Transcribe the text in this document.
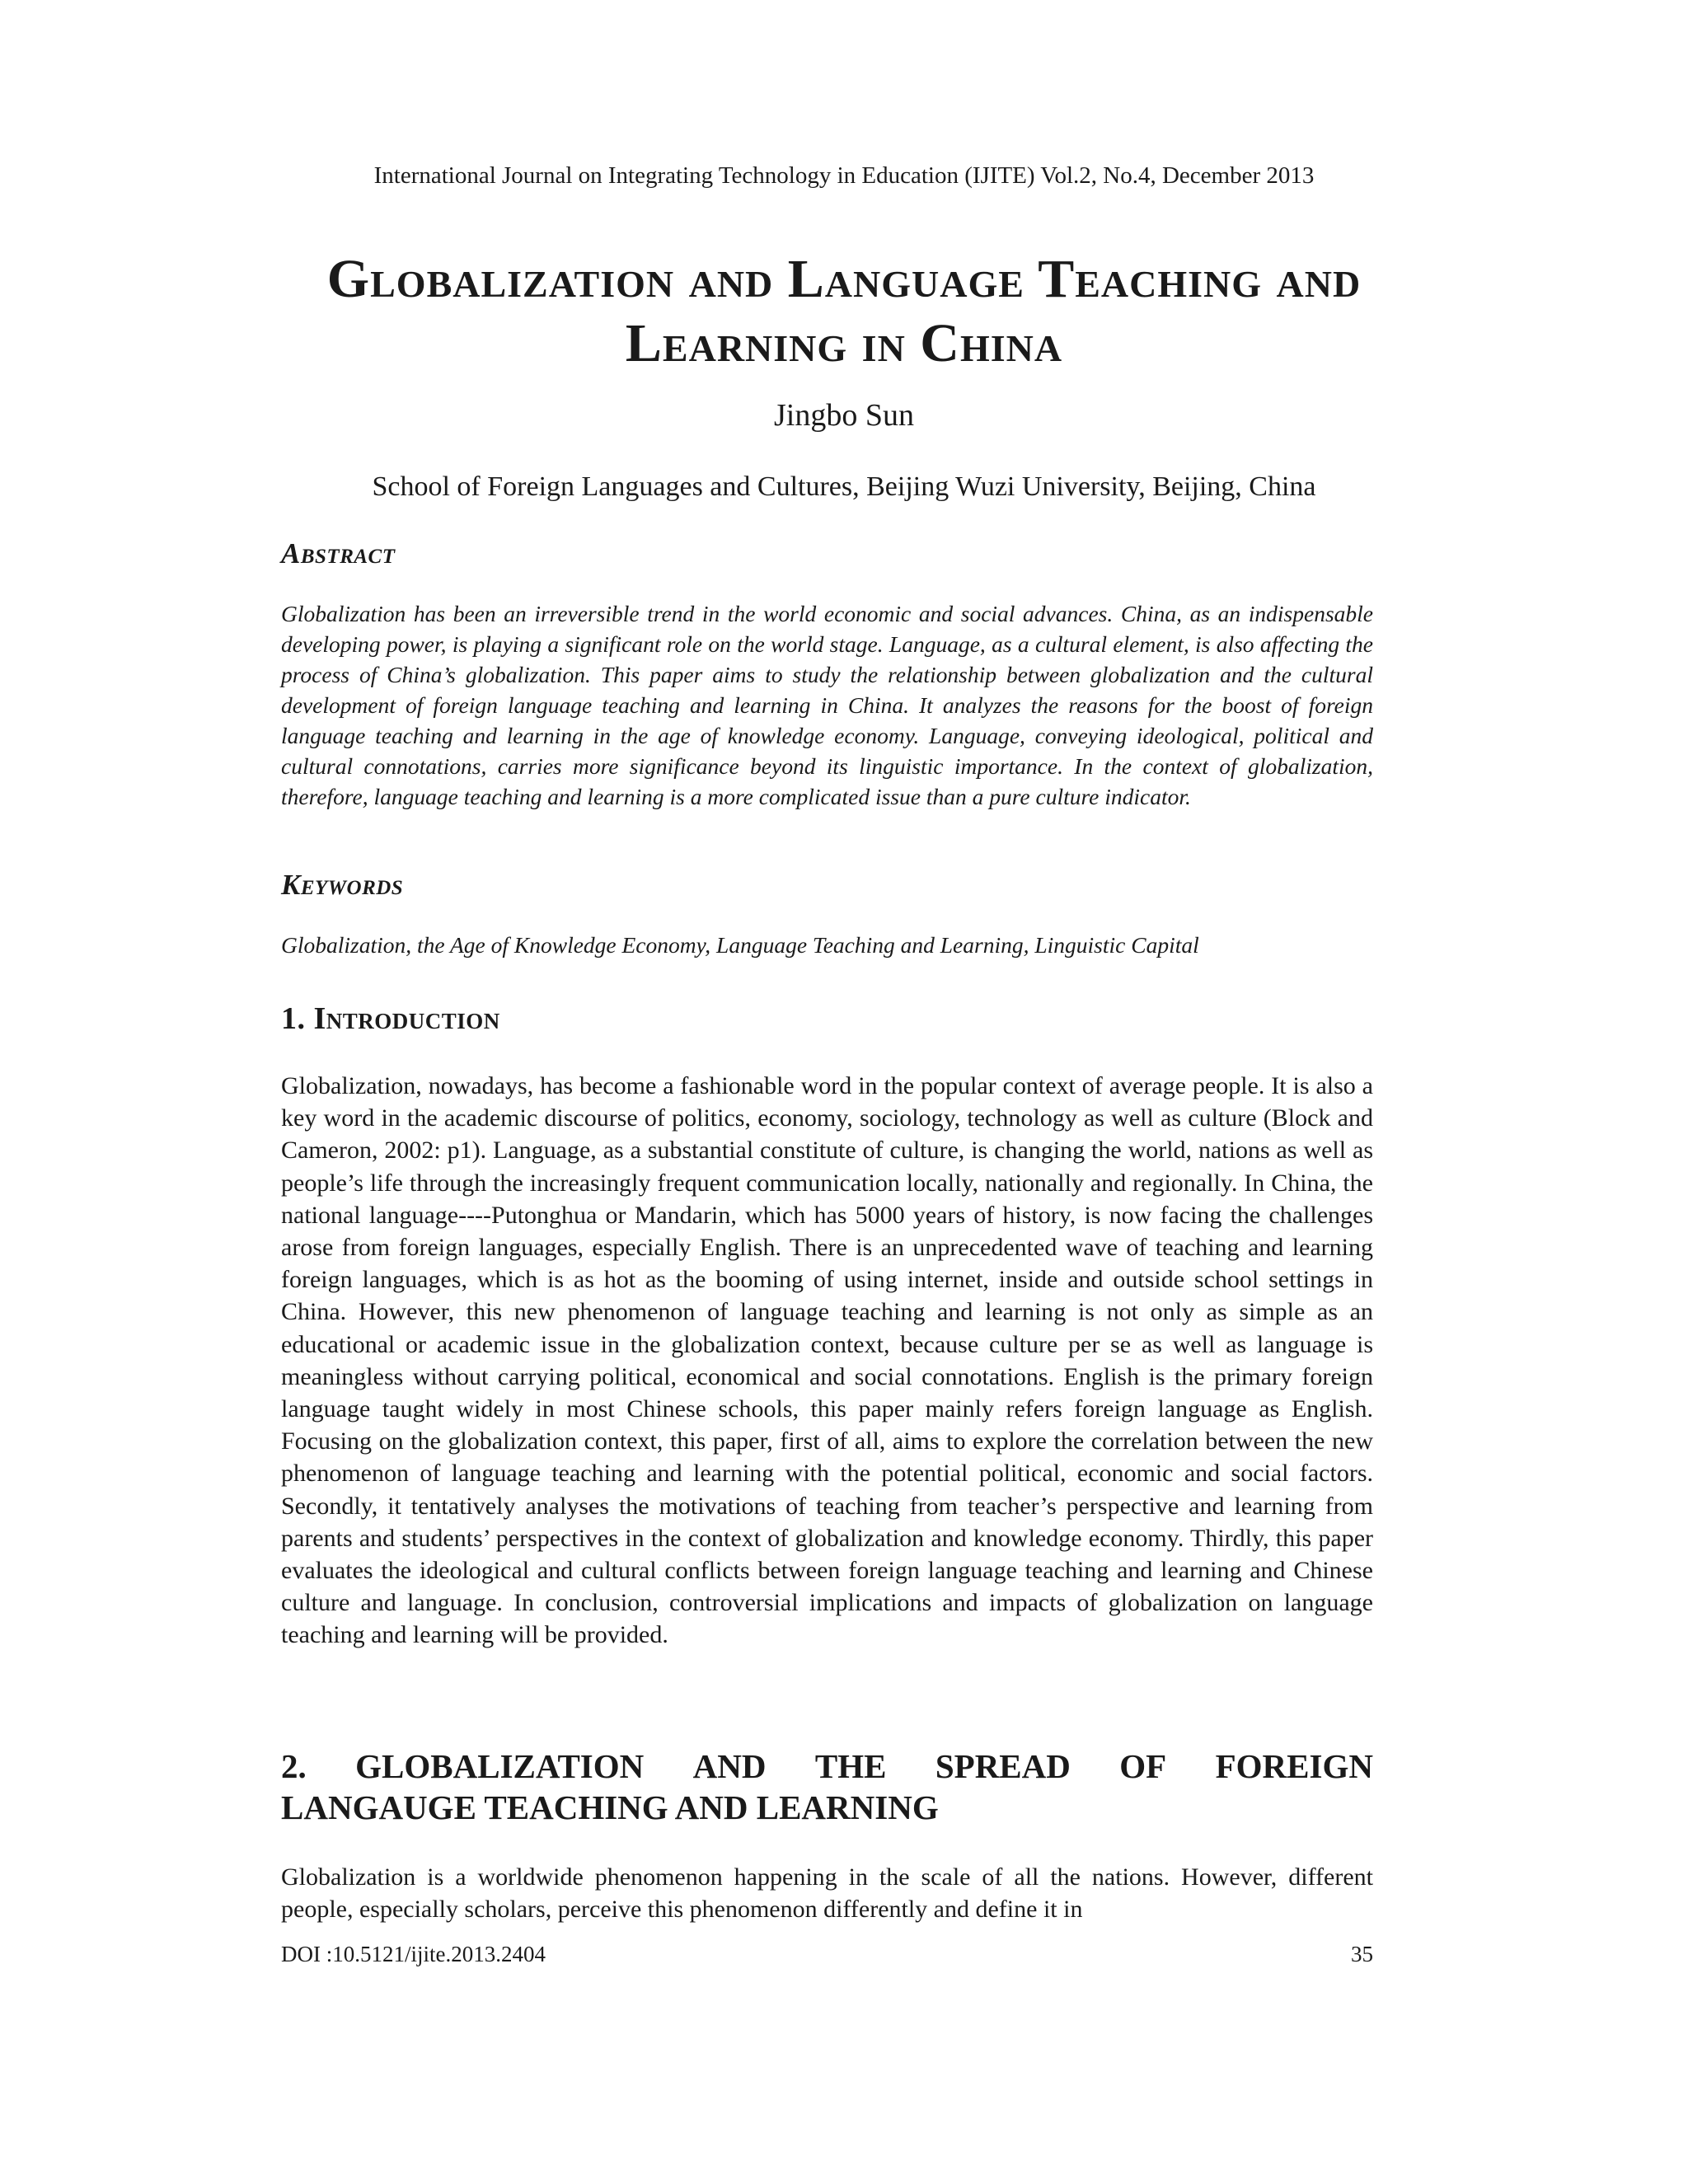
International Journal on Integrating Technology in Education (IJITE) Vol.2, No.4, December 2013
Globalization and Language Teaching and
Learning in China
Jingbo Sun
School of Foreign Languages and Cultures, Beijing Wuzi University, Beijing, China
Abstract
Globalization has been an irreversible trend in the world economic and social advances. China, as an indispensable developing power, is playing a significant role on the world stage. Language, as a cultural element, is also affecting the process of China’s globalization. This paper aims to study the relationship between globalization and the cultural development of foreign language teaching and learning in China. It analyzes the reasons for the boost of foreign language teaching and learning in the age of knowledge economy. Language, conveying ideological, political and cultural connotations, carries more significance beyond its linguistic importance. In the context of globalization, therefore, language teaching and learning is a more complicated issue than a pure culture indicator.
Keywords
Globalization, the Age of Knowledge Economy, Language Teaching and Learning, Linguistic Capital
1. Introduction
Globalization, nowadays, has become a fashionable word in the popular context of average people. It is also a key word in the academic discourse of politics, economy, sociology, technology as well as culture (Block and Cameron, 2002: p1). Language, as a substantial constitute of culture, is changing the world, nations as well as people’s life through the increasingly frequent communication locally, nationally and regionally. In China, the national language----Putonghua or Mandarin, which has 5000 years of history, is now facing the challenges arose from foreign languages, especially English. There is an unprecedented wave of teaching and learning foreign languages, which is as hot as the booming of using internet, inside and outside school settings in China. However, this new phenomenon of language teaching and learning is not only as simple as an educational or academic issue in the globalization context, because culture per se as well as language is meaningless without carrying political, economical and social connotations. English is the primary foreign language taught widely in most Chinese schools, this paper mainly refers foreign language as English. Focusing on the globalization context, this paper, first of all, aims to explore the correlation between the new phenomenon of language teaching and learning with the potential political, economic and social factors. Secondly, it tentatively analyses the motivations of teaching from teacher’s perspective and learning from parents and students’ perspectives in the context of globalization and knowledge economy. Thirdly, this paper evaluates the ideological and cultural conflicts between foreign language teaching and learning and Chinese culture and language. In conclusion, controversial implications and impacts of globalization on language teaching and learning will be provided.
2. GLOBALIZATION AND THE SPREAD OF FOREIGN
LANGAUGE TEACHING AND LEARNING
Globalization is a worldwide phenomenon happening in the scale of all the nations. However, different people, especially scholars, perceive this phenomenon differently and define it in
DOI :10.5121/ijite.2013.2404	35
